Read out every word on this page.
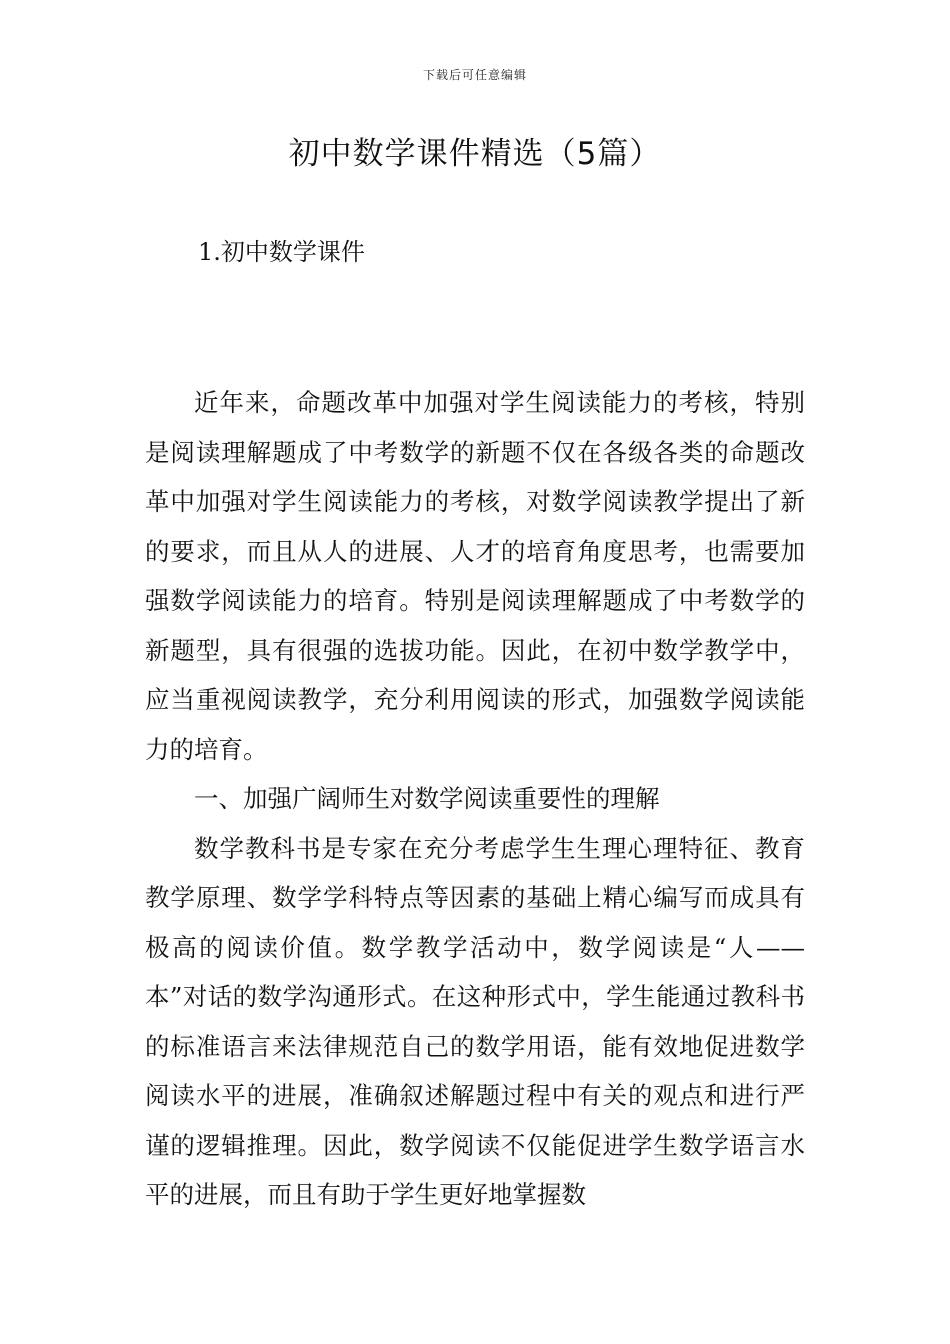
下载后可任意编辑
初中数学课件精选（5篇）
1.初中数学课件

近年来，命题改革中加强对学生阅读能力的考核，特别是阅读理解题成了中考数学的新题不仅在各级各类的命题改革中加强对学生阅读能力的考核，对数学阅读教学提出了新的要求，而且从人的进展、人才的培育角度思考，也需要加强数学阅读能力的培育。特别是阅读理解题成了中考数学的新题型，具有很强的选拔功能。因此，在初中数学教学中，应当重视阅读教学，充分利用阅读的形式，加强数学阅读能力的培育。

一、加强广阔师生对数学阅读重要性的理解

数学教科书是专家在充分考虑学生生理心理特征、教育教学原理、数学学科特点等因素的基础上精心编写而成具有极高的阅读价值。数学教学活动中，数学阅读是“人——本”对话的数学沟通形式。在这种形式中，学生能通过教科书的标准语言来法律规范自己的数学用语，能有效地促进数学阅读水平的进展，准确叙述解题过程中有关的观点和进行严谨的逻辑推理。因此，数学阅读不仅能促进学生数学语言水平的进展，而且有助于学生更好地掌握数
